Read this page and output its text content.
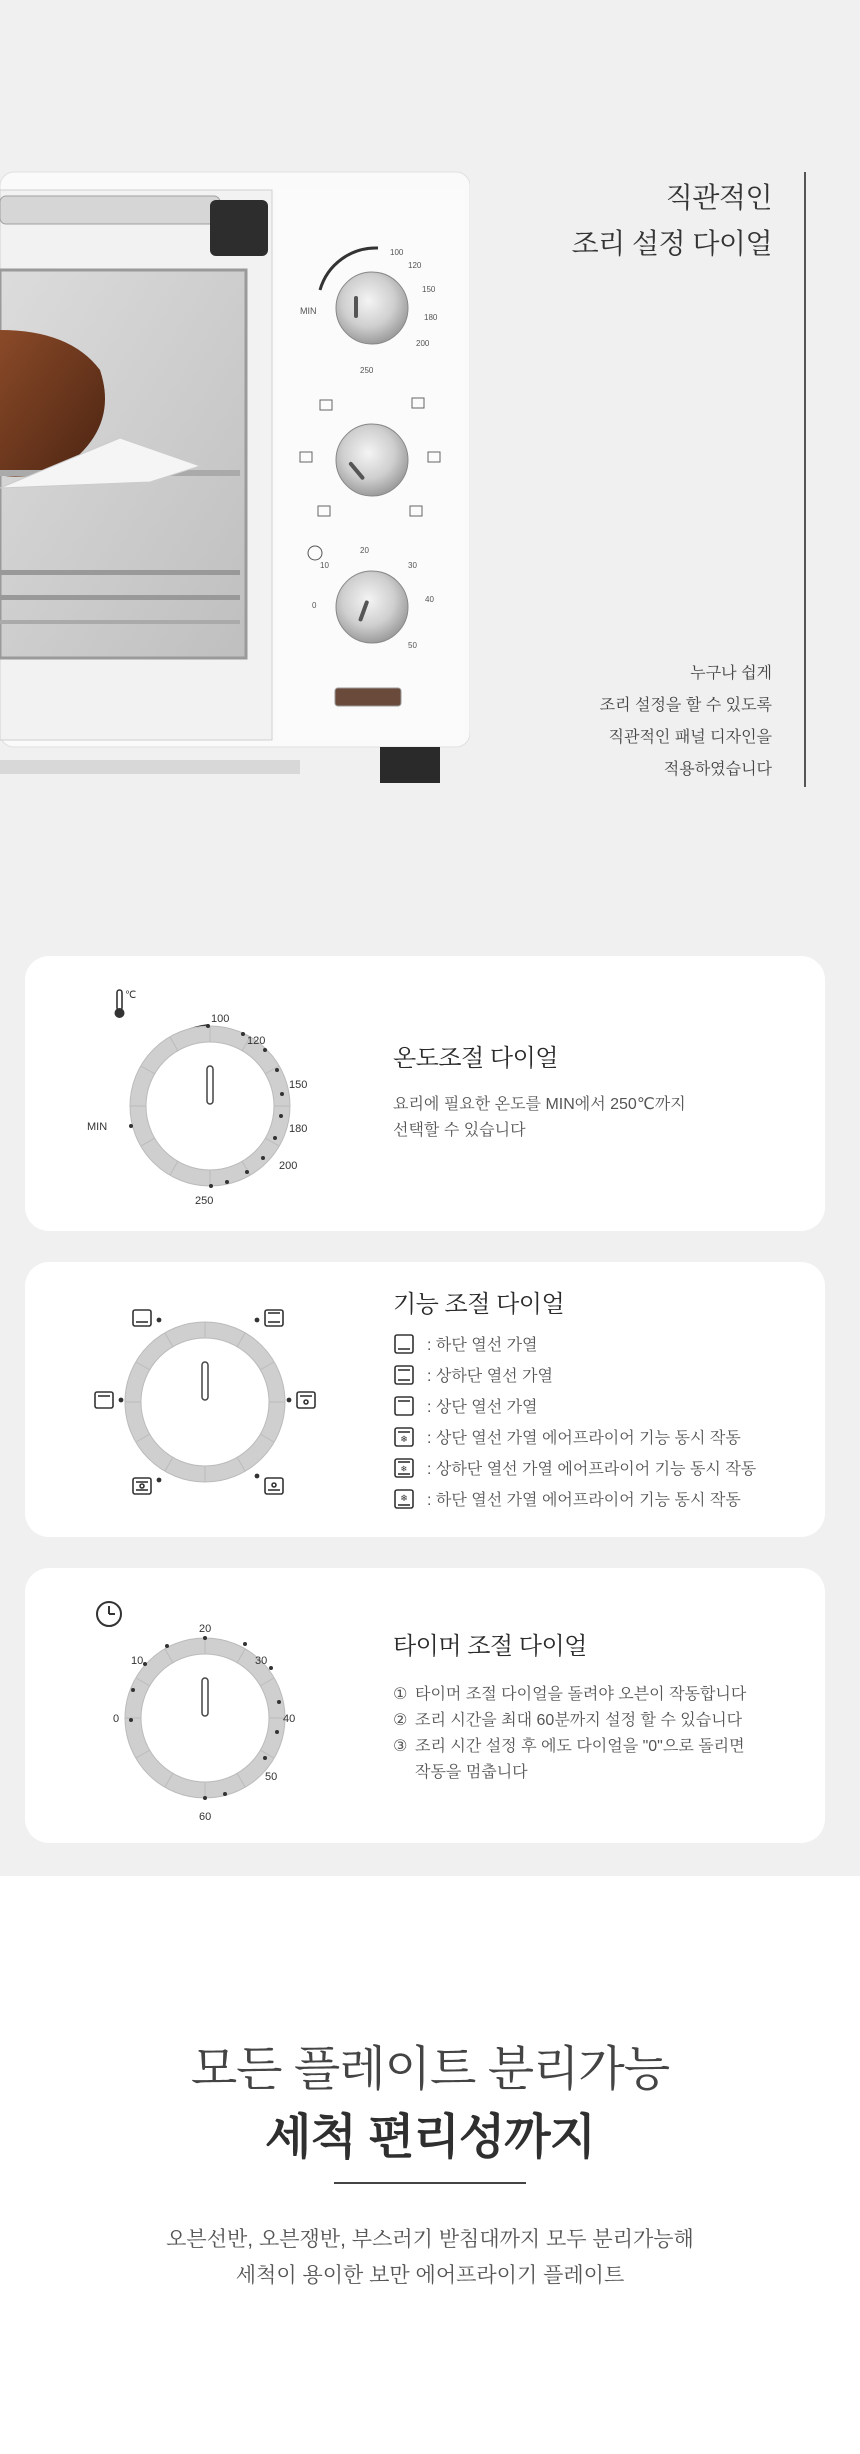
MIN
100
120
150
180
200
250
20
30
40
50
10
0
직관적인
조리 설정 다이얼
누구나 쉽게
조리 설정을 할 수 있도록
직관적인 패널 디자인을
적용하였습니다
℃
MIN
100
120
150
180
200
250
온도조절 다이얼
요리에 필요한 온도를 MIN에서 250℃까지
선택할 수 있습니다
기능 조절 다이얼
: 하단 열선 가열
: 상하단 열선 가열
: 상단 열선 가열
❄ : 상단 열선 가열 에어프라이어 기능 동시 작동
❄ : 상하단 열선 가열 에어프라이어 기능 동시 작동
❄ : 하단 열선 가열 에어프라이어 기능 동시 작동
20
30
40
50
60
10
0
타이머 조절 다이얼
① 타이머 조절 다이얼을 돌려야 오븐이 작동합니다
② 조리 시간을 최대 60분까지 설정 할 수 있습니다
③ 조리 시간 설정 후 에도 다이얼을 "0"으로 돌리면
작동을 멈춥니다
모든 플레이트 분리가능
세척 편리성까지
오븐선반, 오븐쟁반, 부스러기 받침대까지 모두 분리가능해
세척이 용이한 보만 에어프라이기 플레이트
